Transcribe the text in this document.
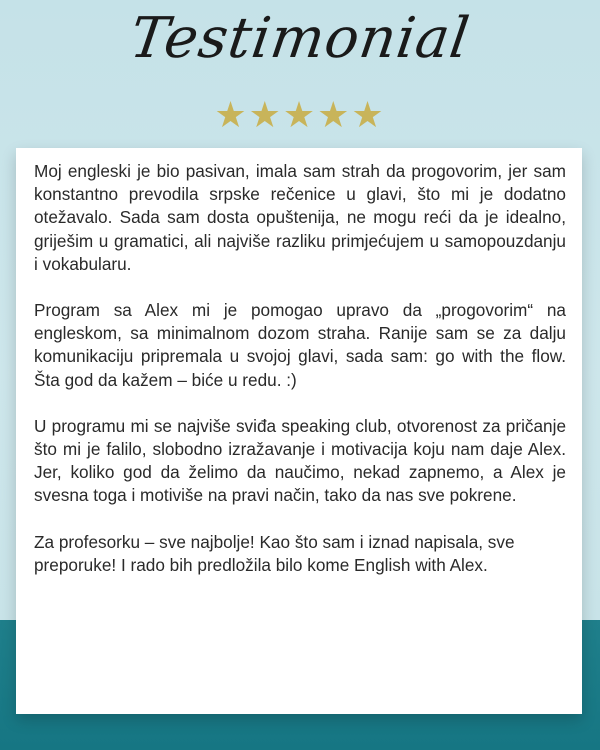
Testimonial
★★★★★

Moj engleski je bio pasivan, imala sam strah da progovorim, jer sam konstantno prevodila srpske rečenice u glavi, što mi je dodatno otežavalo. Sada sam dosta opuštenija, ne mogu reći da je idealno, griješim u gramatici, ali najviše razliku primjećujem u samopouzdanju i vokabularu.

Program sa Alex mi je pomogao upravo da „progovorim“ na engleskom, sa minimalnom dozom straha. Ranije sam se za dalju komunikaciju pripremala u svojoj glavi, sada sam: go with the flow. Šta god da kažem – biće u redu. :)

U programu mi se najviše sviđa speaking club, otvorenost za pričanje što mi je falilo, slobodno izražavanje i motivacija koju nam daje Alex. Jer, koliko god da želimo da naučimo, nekad zapnemo, a Alex je svesna toga i motiviše na pravi način, tako da nas sve pokrene.

Za profesorku – sve najbolje! Kao što sam i iznad napisala, sve preporuke! I rado bih predložila bilo kome English with Alex.
